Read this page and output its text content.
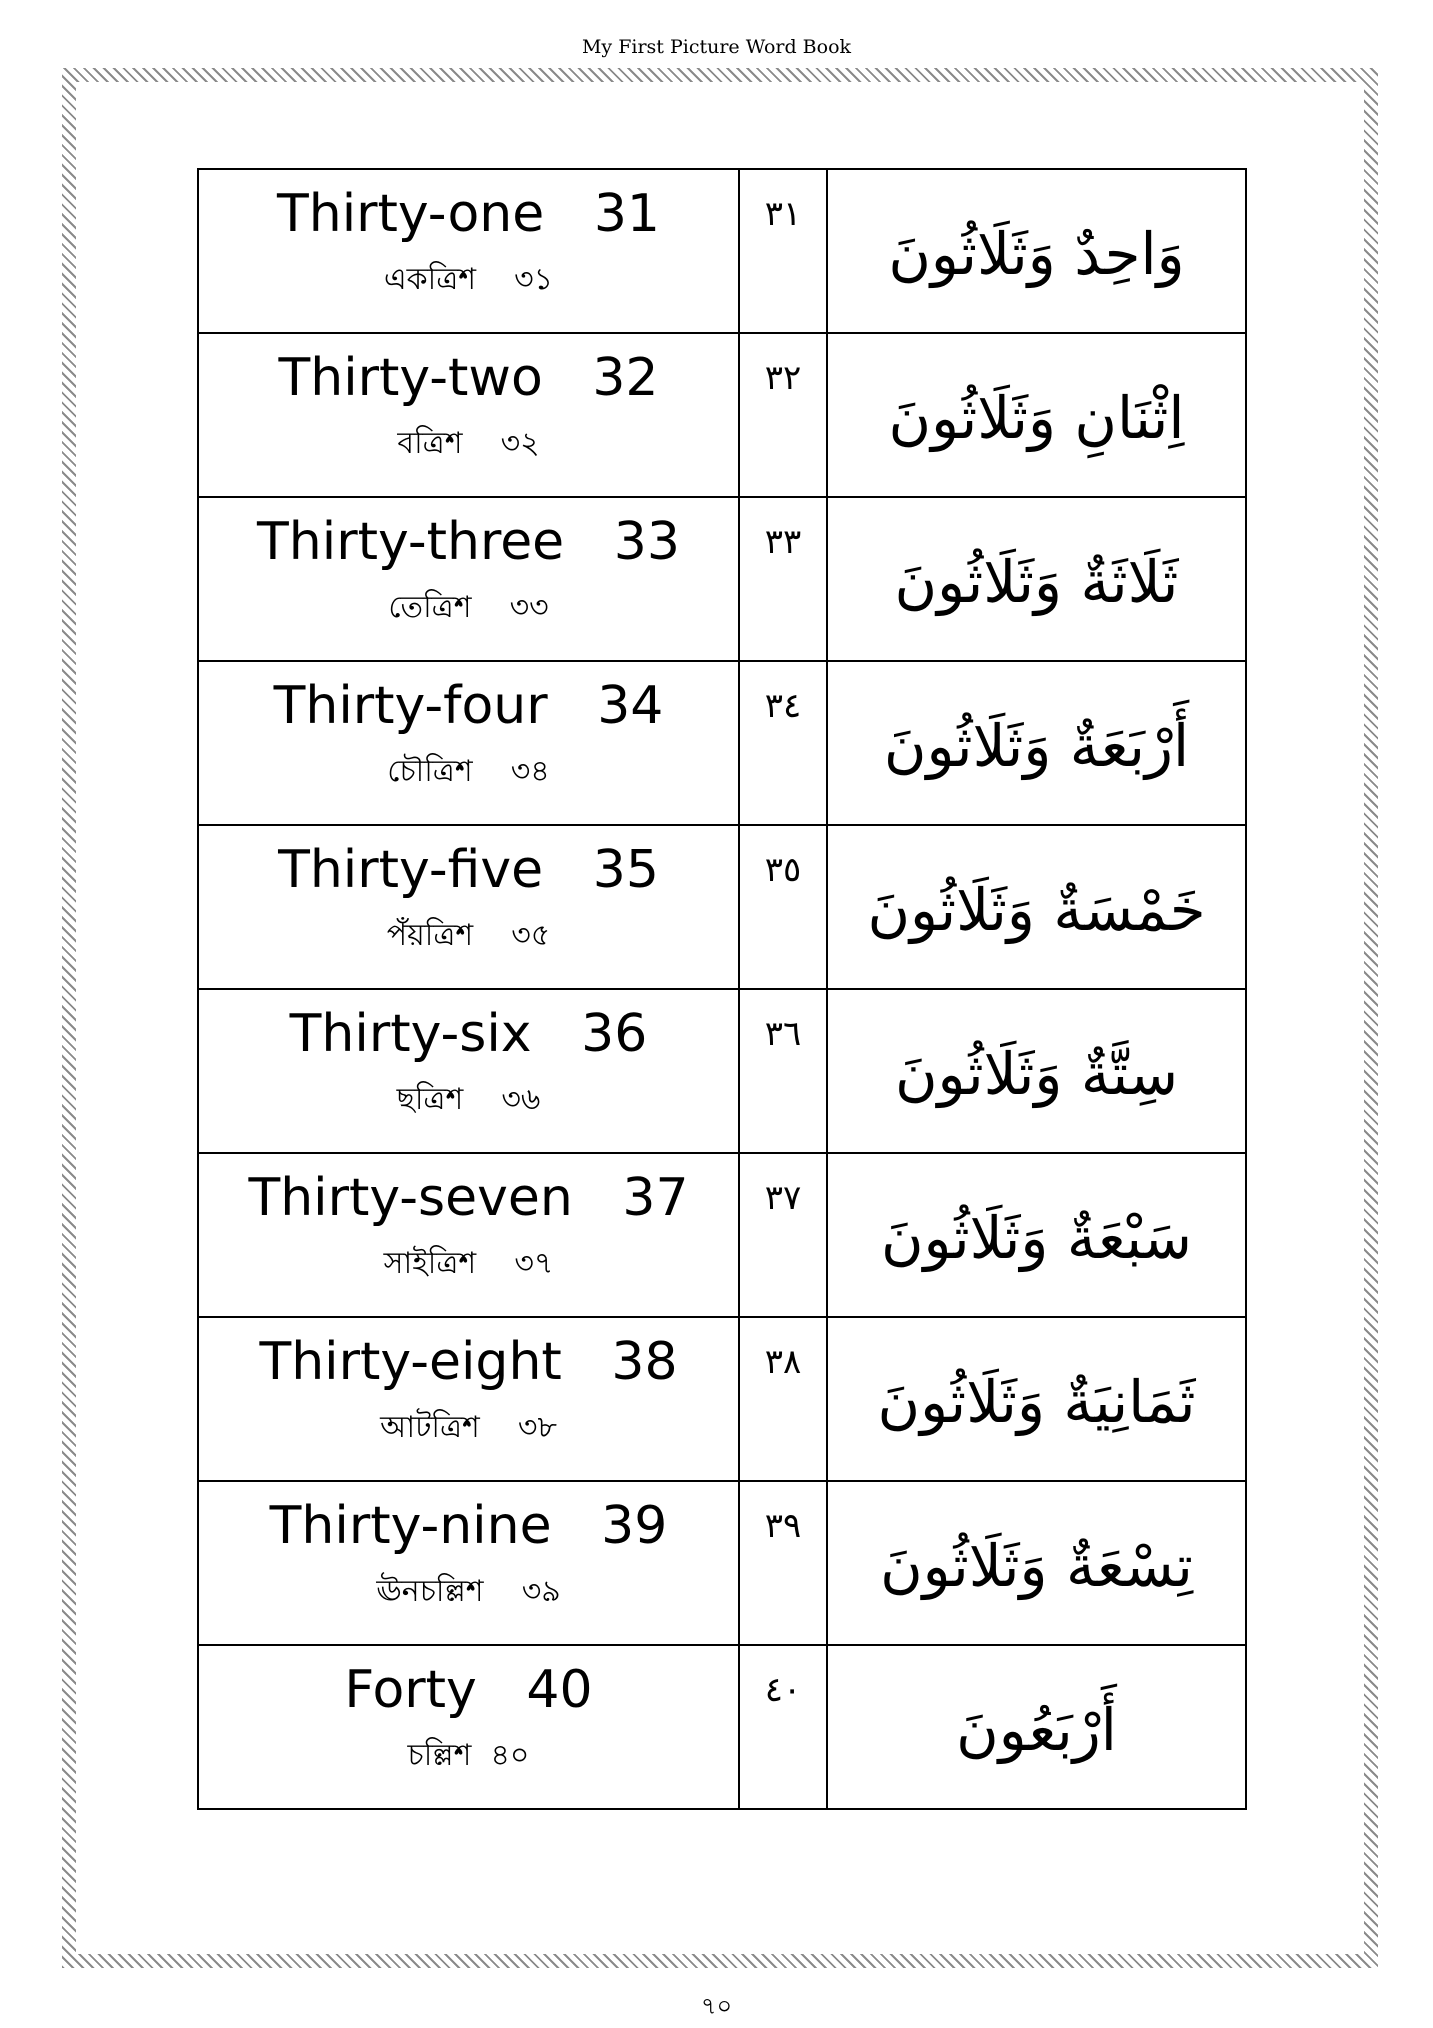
My First Picture Word Book
Thirty-one   31
একত্রিশ    ৩১	٣١	وَاحِدٌ وَثَلَاثُونَ

Thirty-two   32
বত্রিশ    ৩২	٣٢	اِثْنَانِ وَثَلَاثُونَ

Thirty-three   33
তেত্রিশ    ৩৩	٣٣	ثَلَاثَةٌ وَثَلَاثُونَ

Thirty-four   34
চৌত্রিশ    ৩৪	٣٤	أَرْبَعَةٌ وَثَلَاثُونَ

Thirty-five   35
পঁয়ত্রিশ    ৩৫	٣٥	خَمْسَةٌ وَثَلَاثُونَ

Thirty-six   36
ছত্রিশ    ৩৬	٣٦	سِتَّةٌ وَثَلَاثُونَ

Thirty-seven   37
সাইত্রিশ    ৩৭	٣٧	سَبْعَةٌ وَثَلَاثُونَ

Thirty-eight   38
আটত্রিশ    ৩৮	٣٨	ثَمَانِيَةٌ وَثَلَاثُونَ

Thirty-nine   39
ঊনচল্লিশ    ৩৯	٣٩	تِسْعَةٌ وَثَلَاثُونَ

Forty   40
চল্লিশ  ৪০	٤٠	أَرْبَعُونَ
৭০
